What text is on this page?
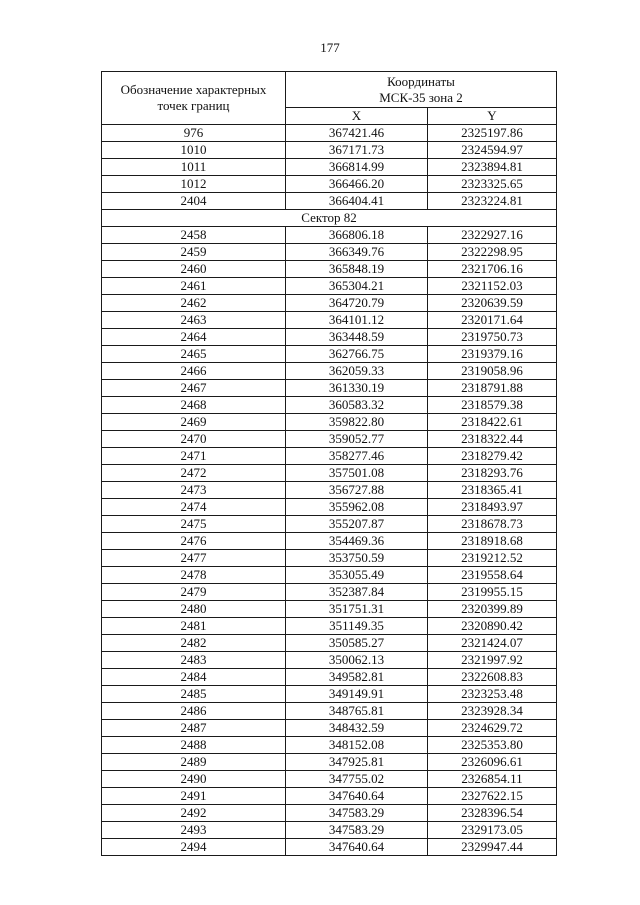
177
Обозначение характерных
точек границ	Координаты
МСК-35 зона 2	
	X	Y
976	367421.46	2325197.86
1010	367171.73	2324594.97
1011	366814.99	2323894.81
1012	366466.20	2323325.65
2404	366404.41	2323224.81
Сектор 82		
2458	366806.18	2322927.16
2459	366349.76	2322298.95
2460	365848.19	2321706.16
2461	365304.21	2321152.03
2462	364720.79	2320639.59
2463	364101.12	2320171.64
2464	363448.59	2319750.73
2465	362766.75	2319379.16
2466	362059.33	2319058.96
2467	361330.19	2318791.88
2468	360583.32	2318579.38
2469	359822.80	2318422.61
2470	359052.77	2318322.44
2471	358277.46	2318279.42
2472	357501.08	2318293.76
2473	356727.88	2318365.41
2474	355962.08	2318493.97
2475	355207.87	2318678.73
2476	354469.36	2318918.68
2477	353750.59	2319212.52
2478	353055.49	2319558.64
2479	352387.84	2319955.15
2480	351751.31	2320399.89
2481	351149.35	2320890.42
2482	350585.27	2321424.07
2483	350062.13	2321997.92
2484	349582.81	2322608.83
2485	349149.91	2323253.48
2486	348765.81	2323928.34
2487	348432.59	2324629.72
2488	348152.08	2325353.80
2489	347925.81	2326096.61
2490	347755.02	2326854.11
2491	347640.64	2327622.15
2492	347583.29	2328396.54
2493	347583.29	2329173.05
2494	347640.64	2329947.44
